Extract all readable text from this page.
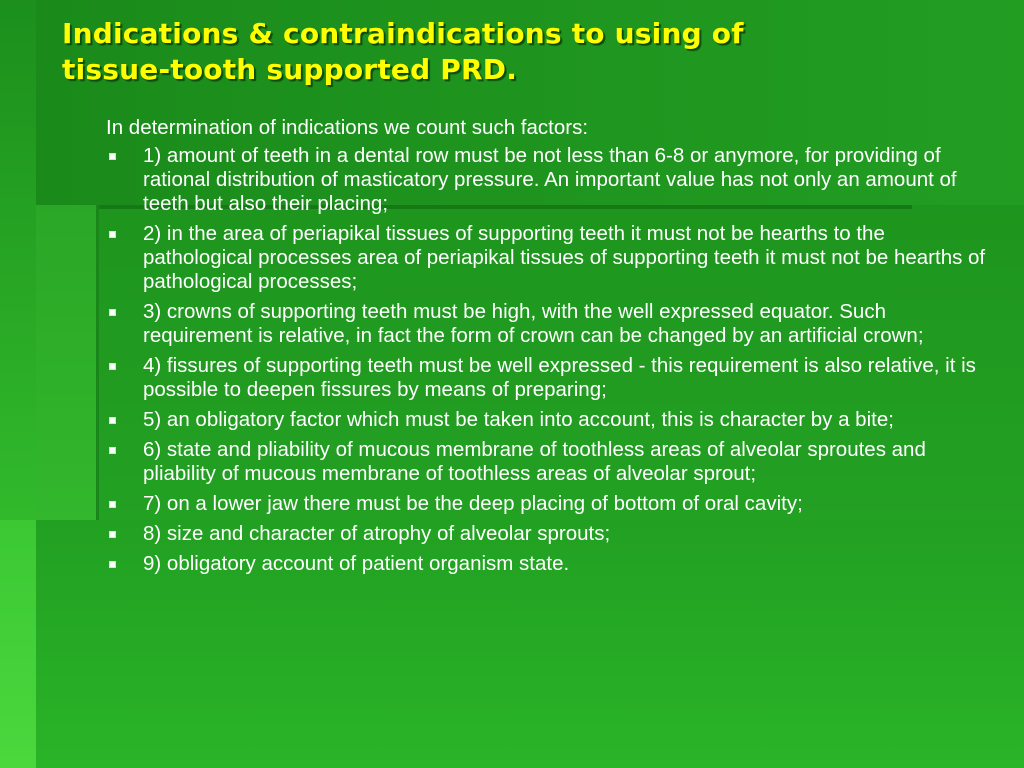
Indications & contraindications to using of
tissue-tooth supported PRD.

In determination of indications we count such factors:

1) amount of teeth in a dental row must be not less than 6-8 or anymore, for providing of rational distribution of masticatory pressure. An important value has not only an amount of teeth but also their placing;
2) in the area of periapikal tissues of supporting teeth it must not be hearths to the pathological processes area of periapikal tissues of supporting teeth it must not be hearths of pathological processes;
3) crowns of supporting teeth must be high, with the well expressed equator. Such requirement is relative, in fact the form of crown can be changed by an artificial crown;
4) fissures of supporting teeth must be well expressed - this requirement is also relative, it is possible to deepen fissures by means of preparing;
5) an obligatory factor which must be taken into account, this is character by a bite;
6) state and pliability of mucous membrane of toothless areas of alveolar sproutes and pliability of mucous membrane of toothless areas of alveolar sprout;
7) on a lower jaw there must be the deep placing of bottom of oral cavity;
8) size and character of atrophy of alveolar sprouts;
9) obligatory account of patient organism state.
